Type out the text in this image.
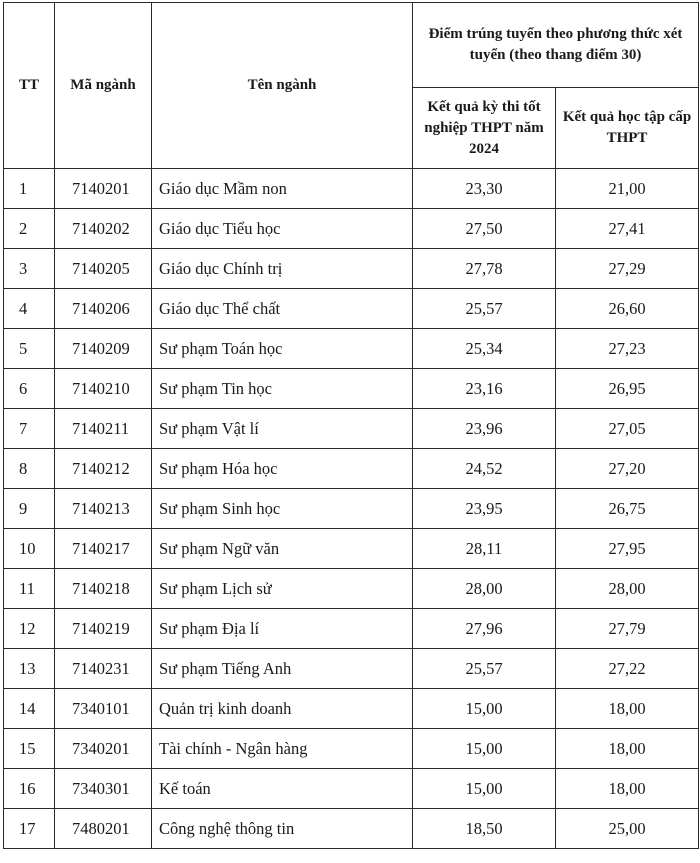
TT	Mã ngành	Tên ngành	Điểm trúng tuyển theo phương thức xét tuyển (theo thang điểm 30)	
			Kết quả kỳ thi tốt nghiệp THPT năm 2024	Kết quả học tập cấp THPT
1	7140201	Giáo dục Mầm non	23,30	21,00
2	7140202	Giáo dục Tiểu học	27,50	27,41
3	7140205	Giáo dục Chính trị	27,78	27,29
4	7140206	Giáo dục Thể chất	25,57	26,60
5	7140209	Sư phạm Toán học	25,34	27,23
6	7140210	Sư phạm Tin học	23,16	26,95
7	7140211	Sư phạm Vật lí	23,96	27,05
8	7140212	Sư phạm Hóa học	24,52	27,20
9	7140213	Sư phạm Sinh học	23,95	26,75
10	7140217	Sư phạm Ngữ văn	28,11	27,95
11	7140218	Sư phạm Lịch sử	28,00	28,00
12	7140219	Sư phạm Địa lí	27,96	27,79
13	7140231	Sư phạm Tiếng Anh	25,57	27,22
14	7340101	Quản trị kinh doanh	15,00	18,00
15	7340201	Tài chính - Ngân hàng	15,00	18,00
16	7340301	Kế toán	15,00	18,00
17	7480201	Công nghệ thông tin	18,50	25,00
